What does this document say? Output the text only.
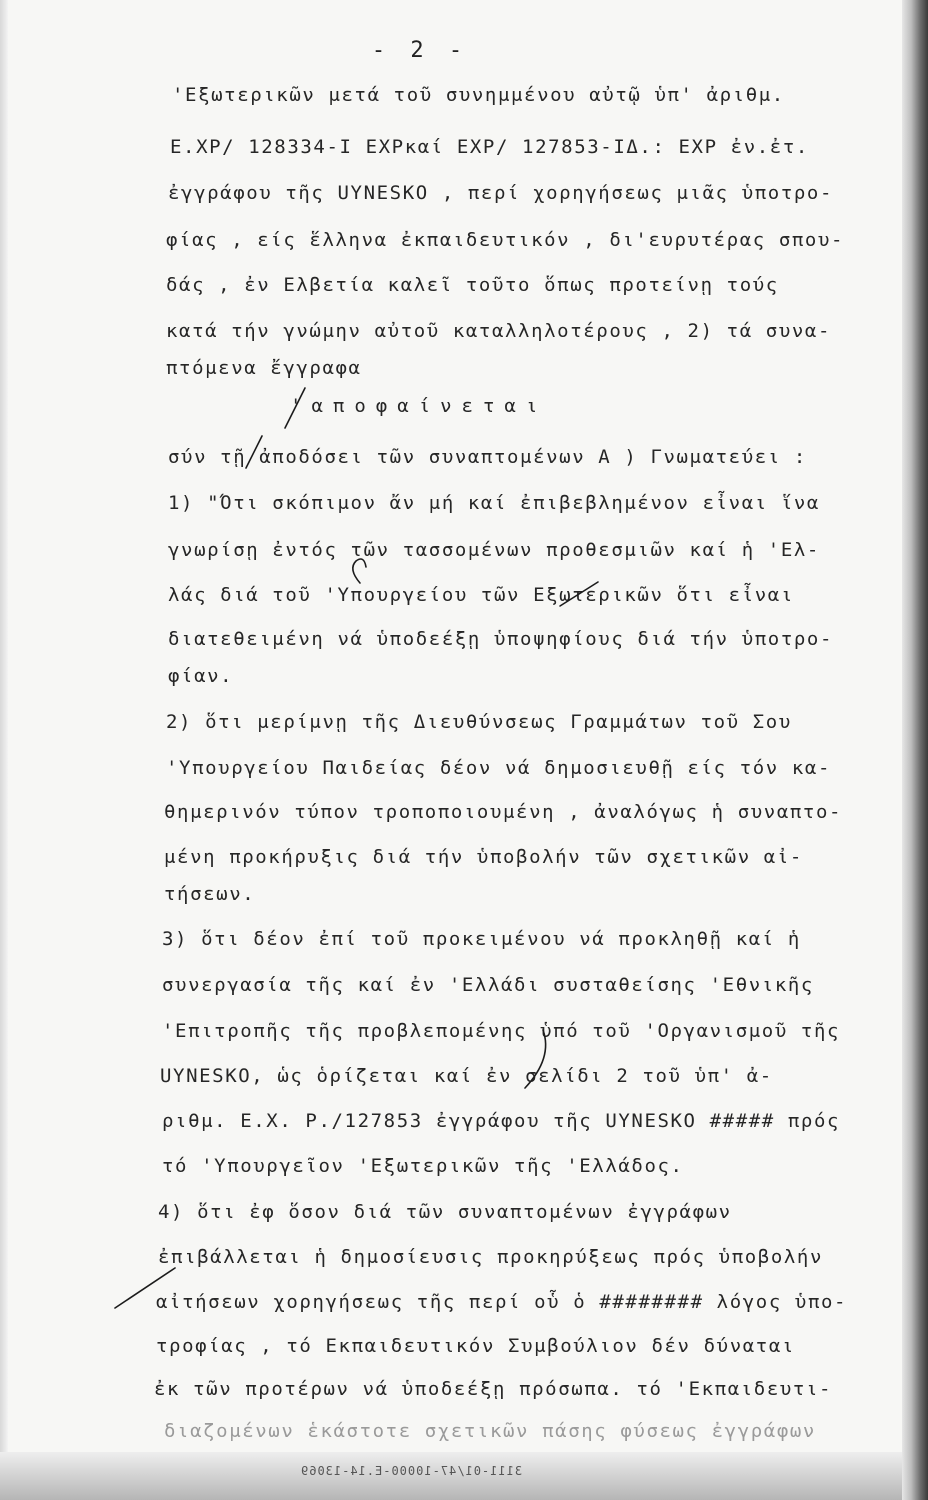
- 2 -
'Εξωτερικῶν μετά τοῦ συνημμένου αὐτῷ ὑπ' ἀριθμ.
Ε.ΧΡ/ 128334-Ι ΕΧΡκαί ΕΧΡ/ 127853-ΙΔ.: ΕΧΡ ἐν.ἐτ.
ἐγγράφου τῆς UYNESKO , περί χορηγήσεως μιᾶς ὑποτρο-
φίας , είς ἕλληνα ἐκπαιδευτικόν , δι'ευρυτέρας σπου-
δάς , ἐν Ελβετία καλεῖ τοῦτο ὅπως προτείνῃ τούς
κατά τήν γνώμην αὐτοῦ καταλληλοτέρους , 2) τά συνα-
πτόμενα ἔγγραφα
'αποφαίνεται
σύν τῇ ἀποδόσει τῶν συναπτομένων Α ) Γνωματεύει :
1) "Ότι σκόπιμον ἄν μή καί ἐπιβεβλημένον εἶναι ἵνα
γνωρίσῃ ἐντός τῶν τασσομένων προθεσμιῶν καί ἡ 'Ελ-
λάς διά τοῦ 'Υπουργείου τῶν Εξωτερικῶν ὅτι εἶναι
διατεθειμένη νά ὑποδεέξῃ ὑποψηφίους διά τήν ὑποτρο-
φίαν.
2) ὅτι μερίμνῃ τῆς Διευθύνσεως Γραμμάτων τοῦ Σου
'Υπουργείου Παιδείας δέον νά δημοσιευθῇ είς τόν κα-
θημερινόν τύπον τροποποιουμένη , ἀναλόγως ἡ συναπτο-
μένη προκήρυξις διά τήν ὑποβολήν τῶν σχετικῶν αἰ-
τήσεων.
3) ὅτι δέον ἐπί τοῦ προκειμένου νά προκληθῇ καί ἡ
συνεργασία τῆς καί ἐν 'Ελλάδι συσταθείσης 'Εθνικῆς
'Επιτροπῆς τῆς προβλεπομένης ὑπό τοῦ 'Οργανισμοῦ τῆς
UYNESKO, ὡς ὁρίζεται καί ἐν σελίδι 2 τοῦ ὑπ' ἀ-
ριθμ. Ε.Χ. Ρ./127853 ἐγγράφου τῆς UYNESKO ##### πρός
τό 'Υπουργεῖον 'Εξωτερικῶν τῆς 'Ελλάδος.
4) ὅτι ἐφ ὅσον διά τῶν συναπτομένων ἐγγράφων
ἐπιβάλλεται ἡ δημοσίευσις προκηρύξεως πρός ὑποβολήν
αἰτήσεων χορηγήσεως τῆς περί οὗ ὁ ######## λόγος ὑπο-
τροφίας , τό Εκπαιδευτικόν Συμβούλιον δέν δύναται
ἐκ τῶν προτέρων νά ὑποδεέξῃ πρόσωπα. τό 'Εκπαιδευτι-
διαζομένων ἑκάστοτε σχετικῶν πάσης φύσεως ἐγγράφων
3111-01/47-10000-Ε.14-13069
